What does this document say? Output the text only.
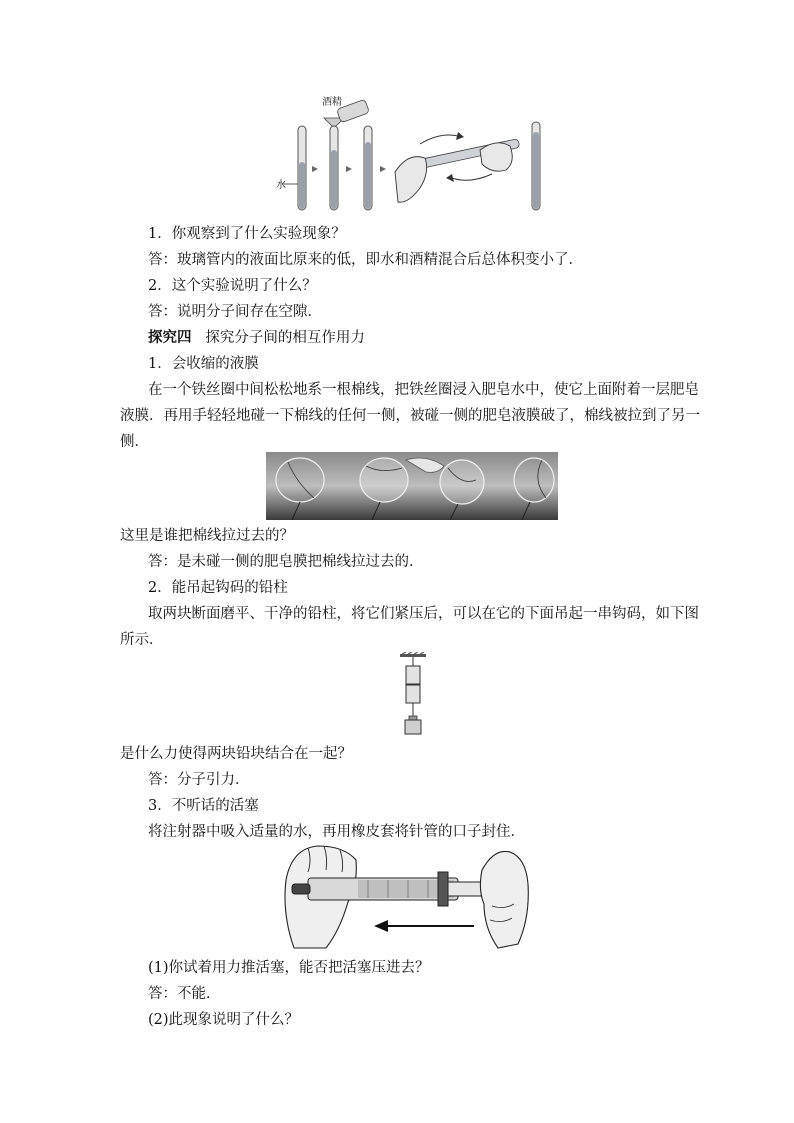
酒精
水
1．你观察到了什么实验现象？
答：玻璃管内的液面比原来的低，即水和酒精混合后总体积变小了．
2．这个实验说明了什么？
答：说明分子间存在空隙．
探究四 探究分子间的相互作用力
1．会收缩的液膜
在一个铁丝圈中间松松地系一根棉线，把铁丝圈浸入肥皂水中，使它上面附着一层肥皂
液膜．再用手轻轻地碰一下棉线的任何一侧，被碰一侧的肥皂液膜破了，棉线被拉到了另一
侧．
这里是谁把棉线拉过去的？
答：是未碰一侧的肥皂膜把棉线拉过去的．
2．能吊起钩码的铅柱
取两块断面磨平、干净的铅柱，将它们紧压后，可以在它的下面吊起一串钩码，如下图
所示．
是什么力使得两块铅块结合在一起？
答：分子引力．
3．不听话的活塞
将注射器中吸入适量的水，再用橡皮套将针管的口子封住．
(1)你试着用力推活塞，能否把活塞压进去？
答：不能．
(2)此现象说明了什么？
